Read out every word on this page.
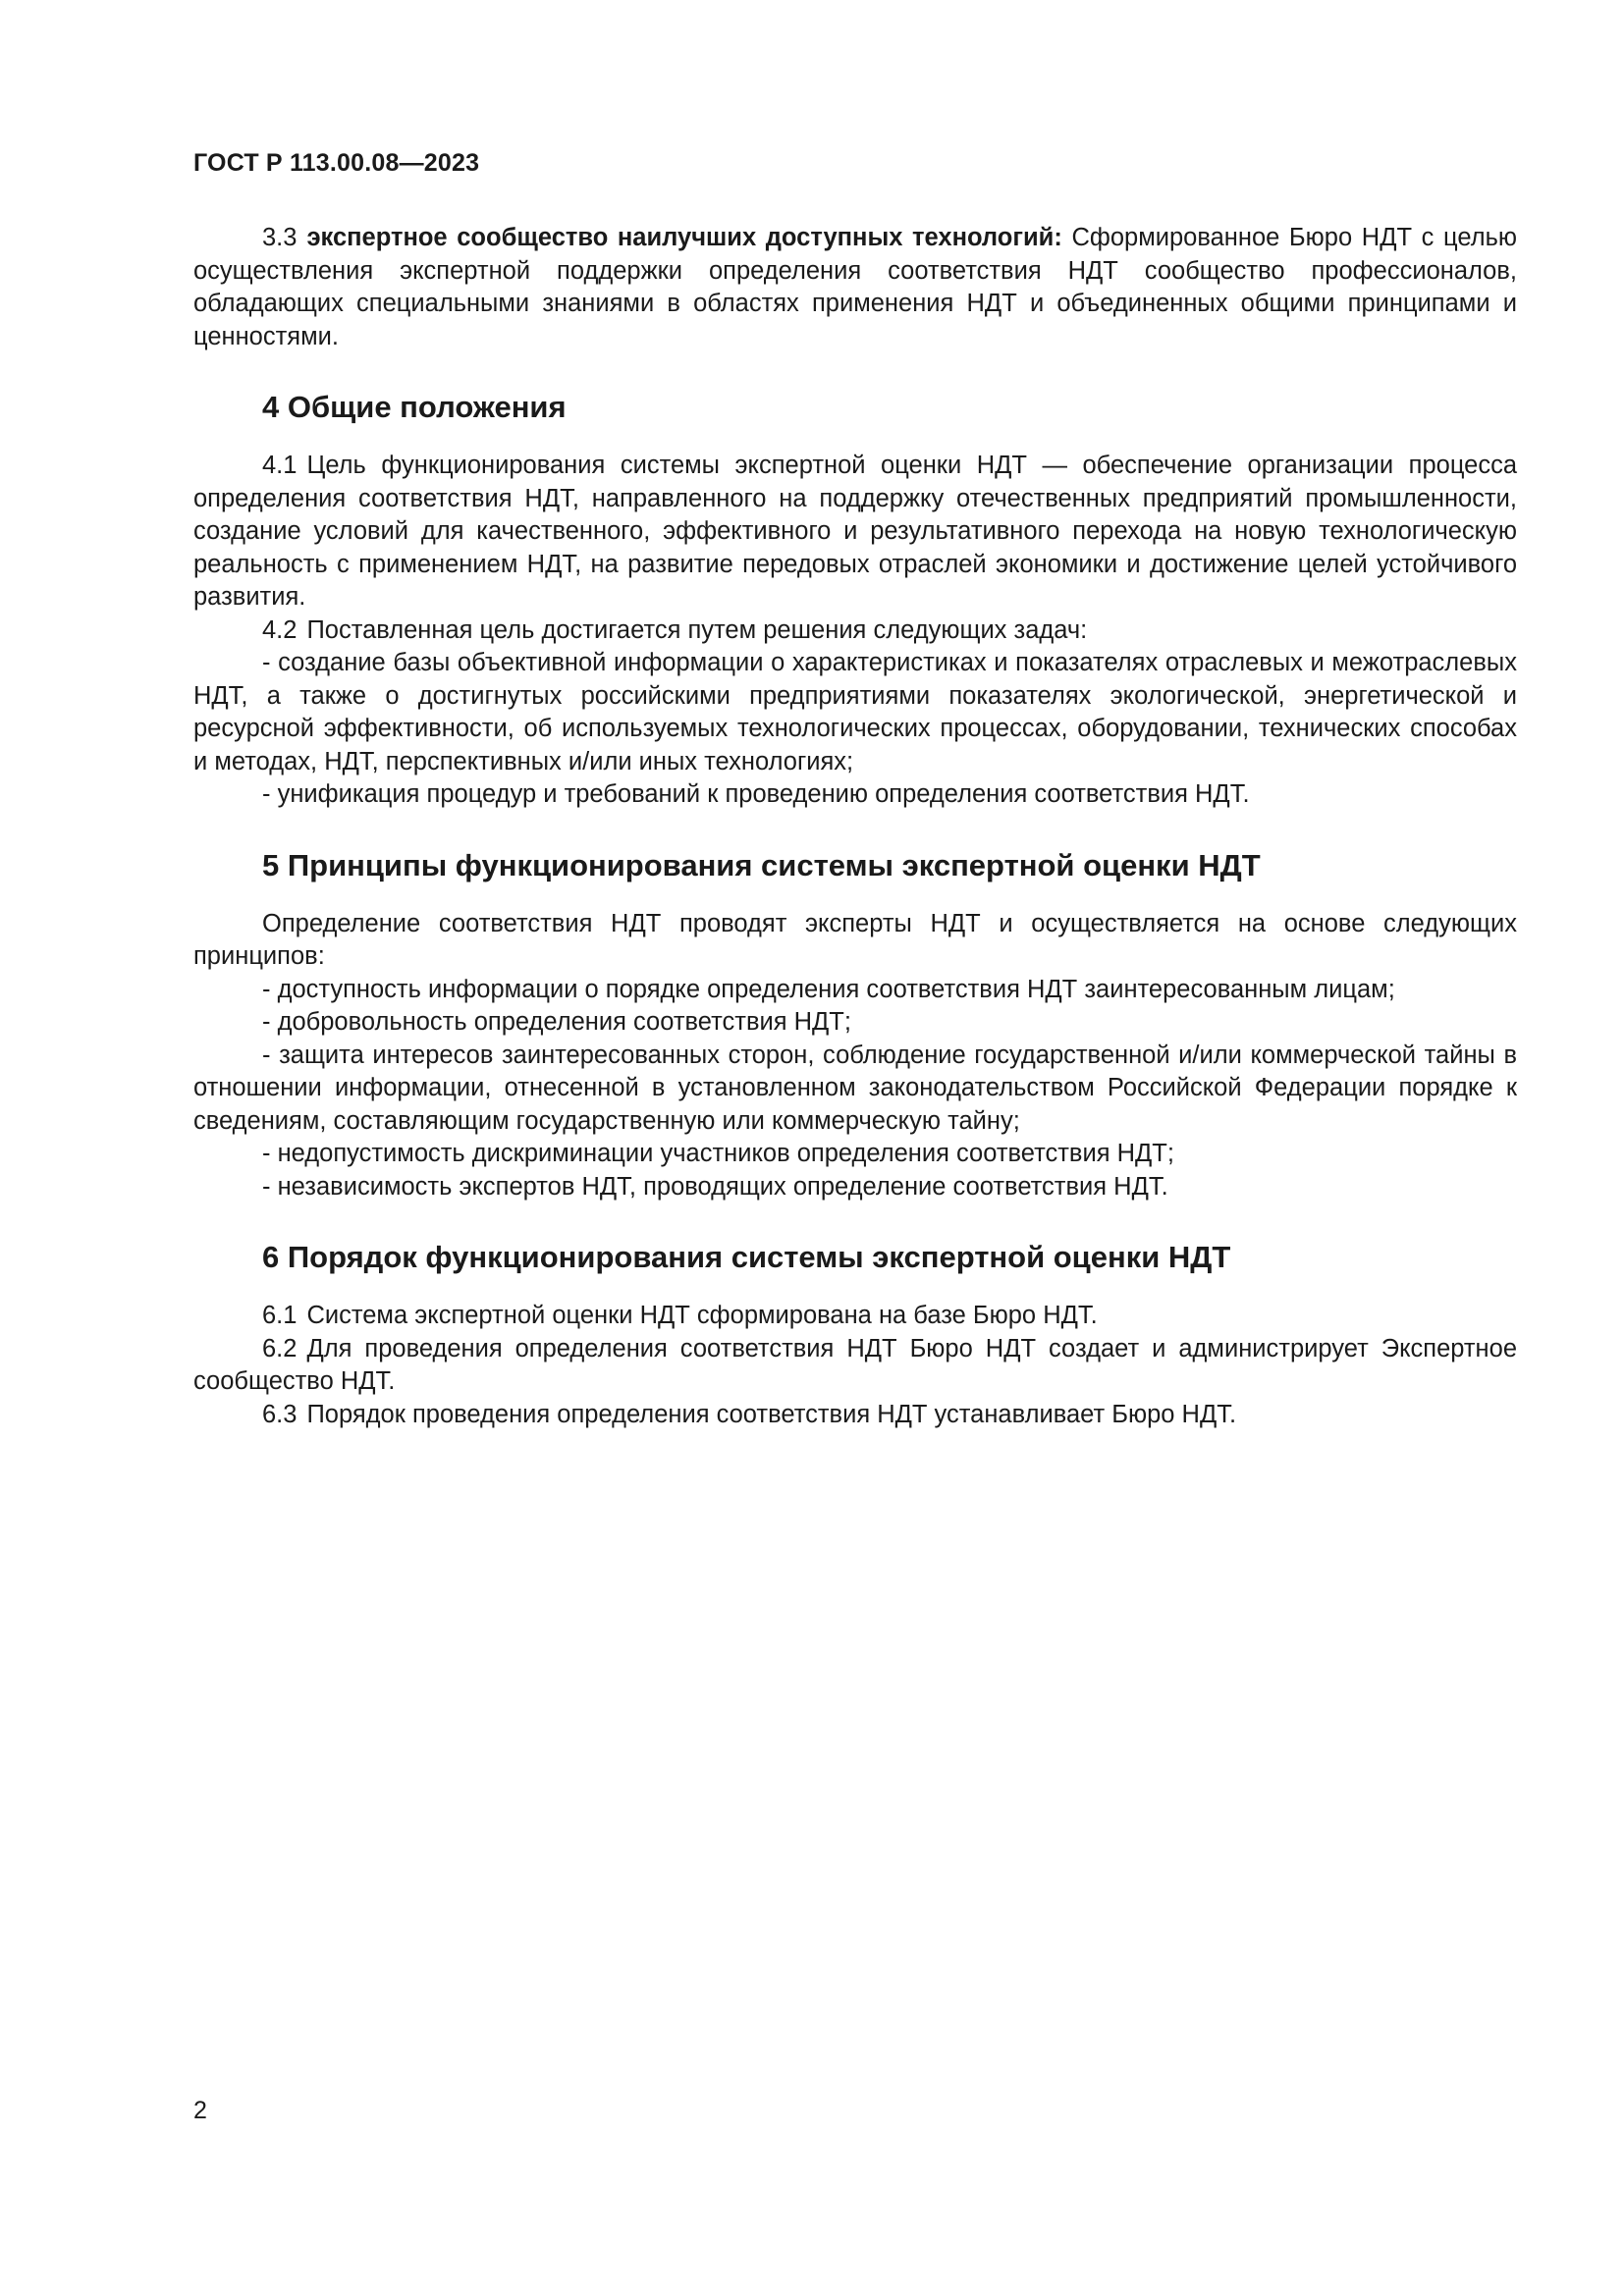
ГОСТ Р 113.00.08—2023

3.3 экспертное сообщество наилучших доступных технологий: Сформированное Бюро НДТ с целью осуществления экспертной поддержки определения соответствия НДТ сообщество профессионалов, обладающих специальными знаниями в областях применения НДТ и объединенных общими принципами и ценностями.

4 Общие положения

4.1 Цель функционирования системы экспертной оценки НДТ — обеспечение организации процесса определения соответствия НДТ, направленного на поддержку отечественных предприятий промышленности, создание условий для качественного, эффективного и результативного перехода на новую технологическую реальность с применением НДТ, на развитие передовых отраслей экономики и достижение целей устойчивого развития.

4.2 Поставленная цель достигается путем решения следующих задач:

- создание базы объективной информации о характеристиках и показателях отраслевых и межотраслевых НДТ, а также о достигнутых российскими предприятиями показателях экологической, энергетической и ресурсной эффективности, об используемых технологических процессах, оборудовании, технических способах и методах, НДТ, перспективных и/или иных технологиях;

- унификация процедур и требований к проведению определения соответствия НДТ.

5 Принципы функционирования системы экспертной оценки НДТ

Определение соответствия НДТ проводят эксперты НДТ и осуществляется на основе следующих принципов:

- доступность информации о порядке определения соответствия НДТ заинтересованным лицам;

- добровольность определения соответствия НДТ;

- защита интересов заинтересованных сторон, соблюдение государственной и/или коммерческой тайны в отношении информации, отнесенной в установленном законодательством Российской Федерации порядке к сведениям, составляющим государственную или коммерческую тайну;

- недопустимость дискриминации участников определения соответствия НДТ;

- независимость экспертов НДТ, проводящих определение соответствия НДТ.

6 Порядок функционирования системы экспертной оценки НДТ

6.1 Система экспертной оценки НДТ сформирована на базе Бюро НДТ.

6.2 Для проведения определения соответствия НДТ Бюро НДТ создает и администрирует Экспертное сообщество НДТ.

6.3 Порядок проведения определения соответствия НДТ устанавливает Бюро НДТ.

2
